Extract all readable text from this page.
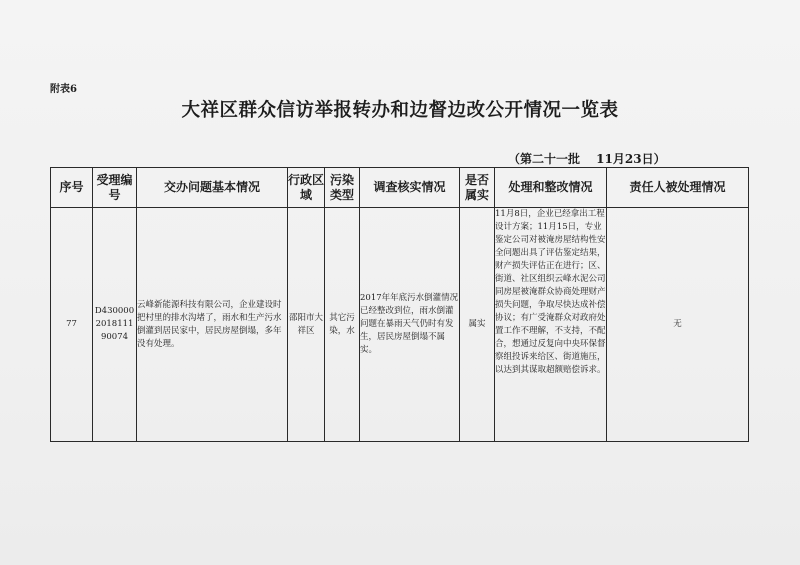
附表6
大祥区群众信访举报转办和边督边改公开情况一览表
（第二十一批　 11月23日）
序号	受理编号	交办问题基本情况	行政区域	污染类型	调查核实情况	是否属实	处理和整改情况	责任人被处理情况
77	D430000201811190074	云峰新能源科技有限公司，企业建设时把村里的排水沟堵了，雨水和生产污水倒灌到居民家中，居民房屋倒塌，多年没有处理。	邵阳市大祥区	其它污染，水	2017年年底污水倒灌情况已经整改到位，雨水倒灌问题在暴雨天气仍时有发生，居民房屋倒塌不属实。	属实	11月8日，企业已经拿出工程设计方案；11月15日，专业鉴定公司对被淹房屋结构性安全问题出具了评估鉴定结果，财产损失评估正在进行；区、街道、社区组织云峰水泥公司同房屋被淹群众协商处理财产损失问题，争取尽快达成补偿协议；有广受淹群众对政府处置工作不理解，不支持，不配合，想通过反复向中央环保督察组投诉来给区、街道施压，以达到其谋取超额赔偿诉求。	无
